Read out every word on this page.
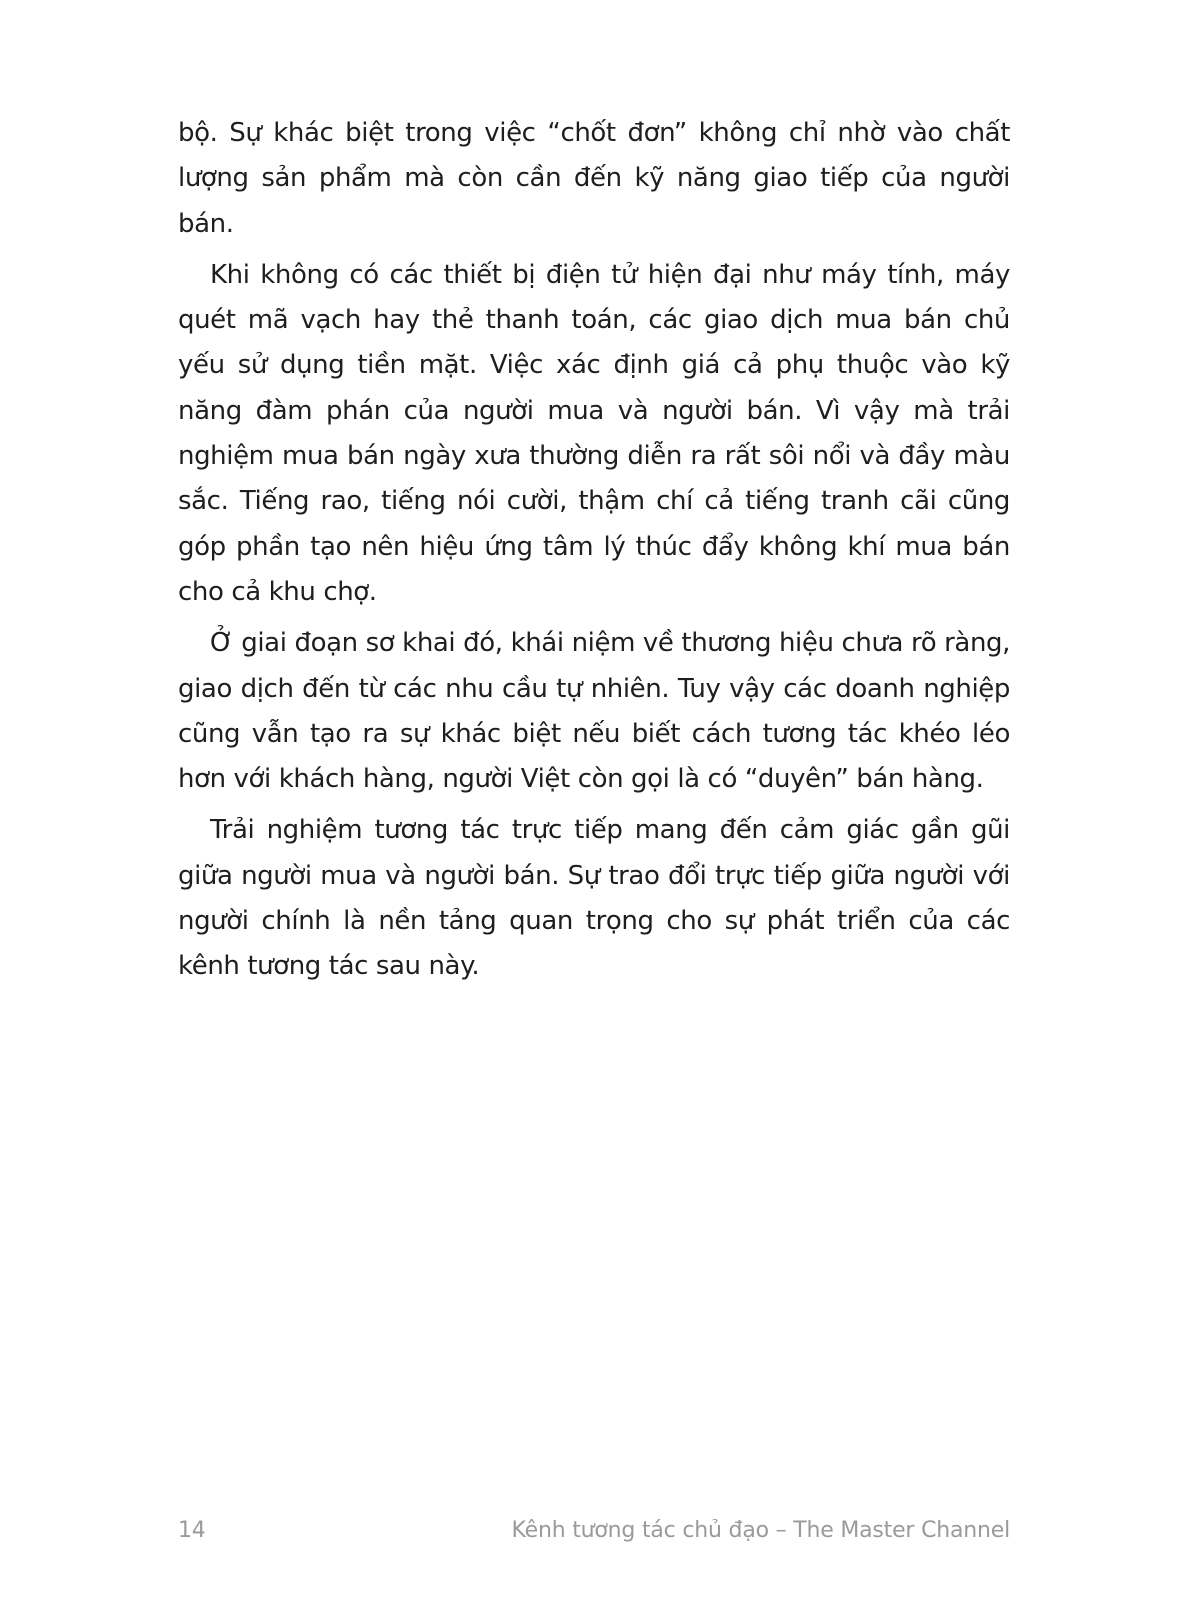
bộ. Sự khác biệt trong việc “chốt đơn” không chỉ nhờ vào chất lượng sản phẩm mà còn cần đến kỹ năng giao tiếp của người bán.

Khi không có các thiết bị điện tử hiện đại như máy tính, máy quét mã vạch hay thẻ thanh toán, các giao dịch mua bán chủ yếu sử dụng tiền mặt. Việc xác định giá cả phụ thuộc vào kỹ năng đàm phán của người mua và người bán. Vì vậy mà trải nghiệm mua bán ngày xưa thường diễn ra rất sôi nổi và đầy màu sắc. Tiếng rao, tiếng nói cười, thậm chí cả tiếng tranh cãi cũng góp phần tạo nên hiệu ứng tâm lý thúc đẩy không khí mua bán cho cả khu chợ.

Ở giai đoạn sơ khai đó, khái niệm về thương hiệu chưa rõ ràng, giao dịch đến từ các nhu cầu tự nhiên. Tuy vậy các doanh nghiệp cũng vẫn tạo ra sự khác biệt nếu biết cách tương tác khéo léo hơn với khách hàng, người Việt còn gọi là có “duyên” bán hàng.

Trải nghiệm tương tác trực tiếp mang đến cảm giác gần gũi giữa người mua và người bán. Sự trao đổi trực tiếp giữa người với người chính là nền tảng quan trọng cho sự phát triển của các kênh tương tác sau này.

14	Kênh tương tác chủ đạo – The Master Channel
